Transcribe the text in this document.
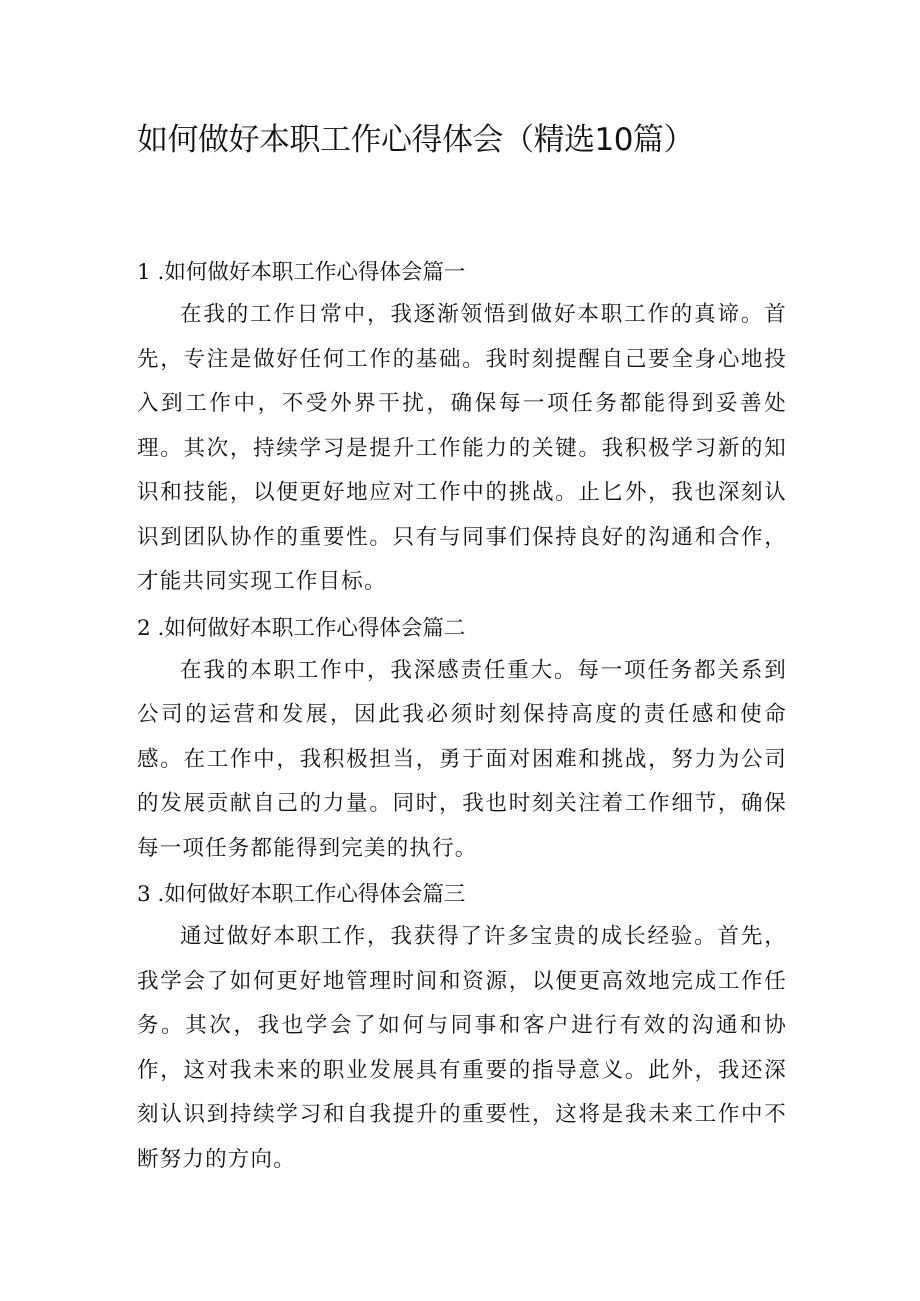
如何做好本职工作心得体会（精选10篇）
1 .如何做好本职工作心得体会篇一

在我的工作日常中，我逐渐领悟到做好本职工作的真谛。首先，专注是做好任何工作的基础。我时刻提醒自己要全身心地投入到工作中，不受外界干扰，确保每一项任务都能得到妥善处理。其次，持续学习是提升工作能力的关键。我积极学习新的知识和技能，以便更好地应对工作中的挑战。止匕外，我也深刻认识到团队协作的重要性。只有与同事们保持良好的沟通和合作，才能共同实现工作目标。

2 .如何做好本职工作心得体会篇二

在我的本职工作中，我深感责任重大。每一项任务都关系到公司的运营和发展，因此我必须时刻保持高度的责任感和使命感。在工作中，我积极担当，勇于面对困难和挑战，努力为公司的发展贡献自己的力量。同时，我也时刻关注着工作细节，确保每一项任务都能得到完美的执行。

3 .如何做好本职工作心得体会篇三

通过做好本职工作，我获得了许多宝贵的成长经验。首先，我学会了如何更好地管理时间和资源，以便更高效地完成工作任务。其次，我也学会了如何与同事和客户进行有效的沟通和协作，这对我未来的职业发展具有重要的指导意义。此外，我还深刻认识到持续学习和自我提升的重要性，这将是我未来工作中不断努力的方向。
